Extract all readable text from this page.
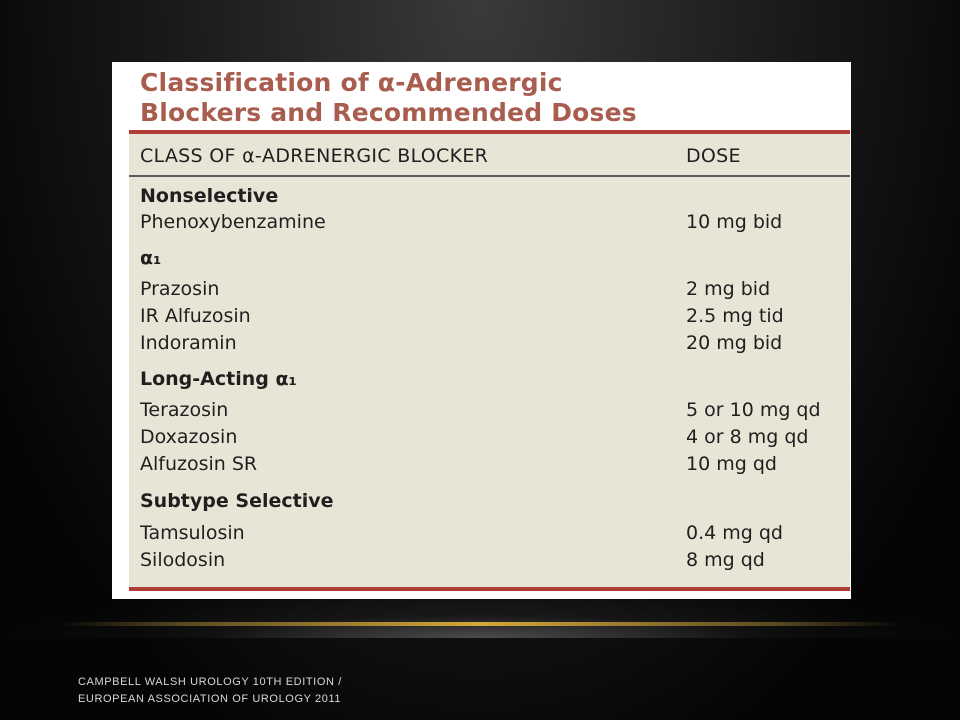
Classification of α-Adrenergic
Blockers and Recommended Doses
CLASS OF α-ADRENERGIC BLOCKER	DOSE
Nonselective
Phenoxybenzamine	10 mg bid
α₁
Prazosin	2 mg bid
IR Alfuzosin	2.5 mg tid
Indoramin	20 mg bid
Long-Acting α₁
Terazosin	5 or 10 mg qd
Doxazosin	4 or 8 mg qd
Alfuzosin SR	10 mg qd
Subtype Selective
Tamsulosin	0.4 mg qd
Silodosin	8 mg qd
CAMPBELL WALSH UROLOGY 10TH EDITION /
EUROPEAN ASSOCIATION OF UROLOGY 2011
